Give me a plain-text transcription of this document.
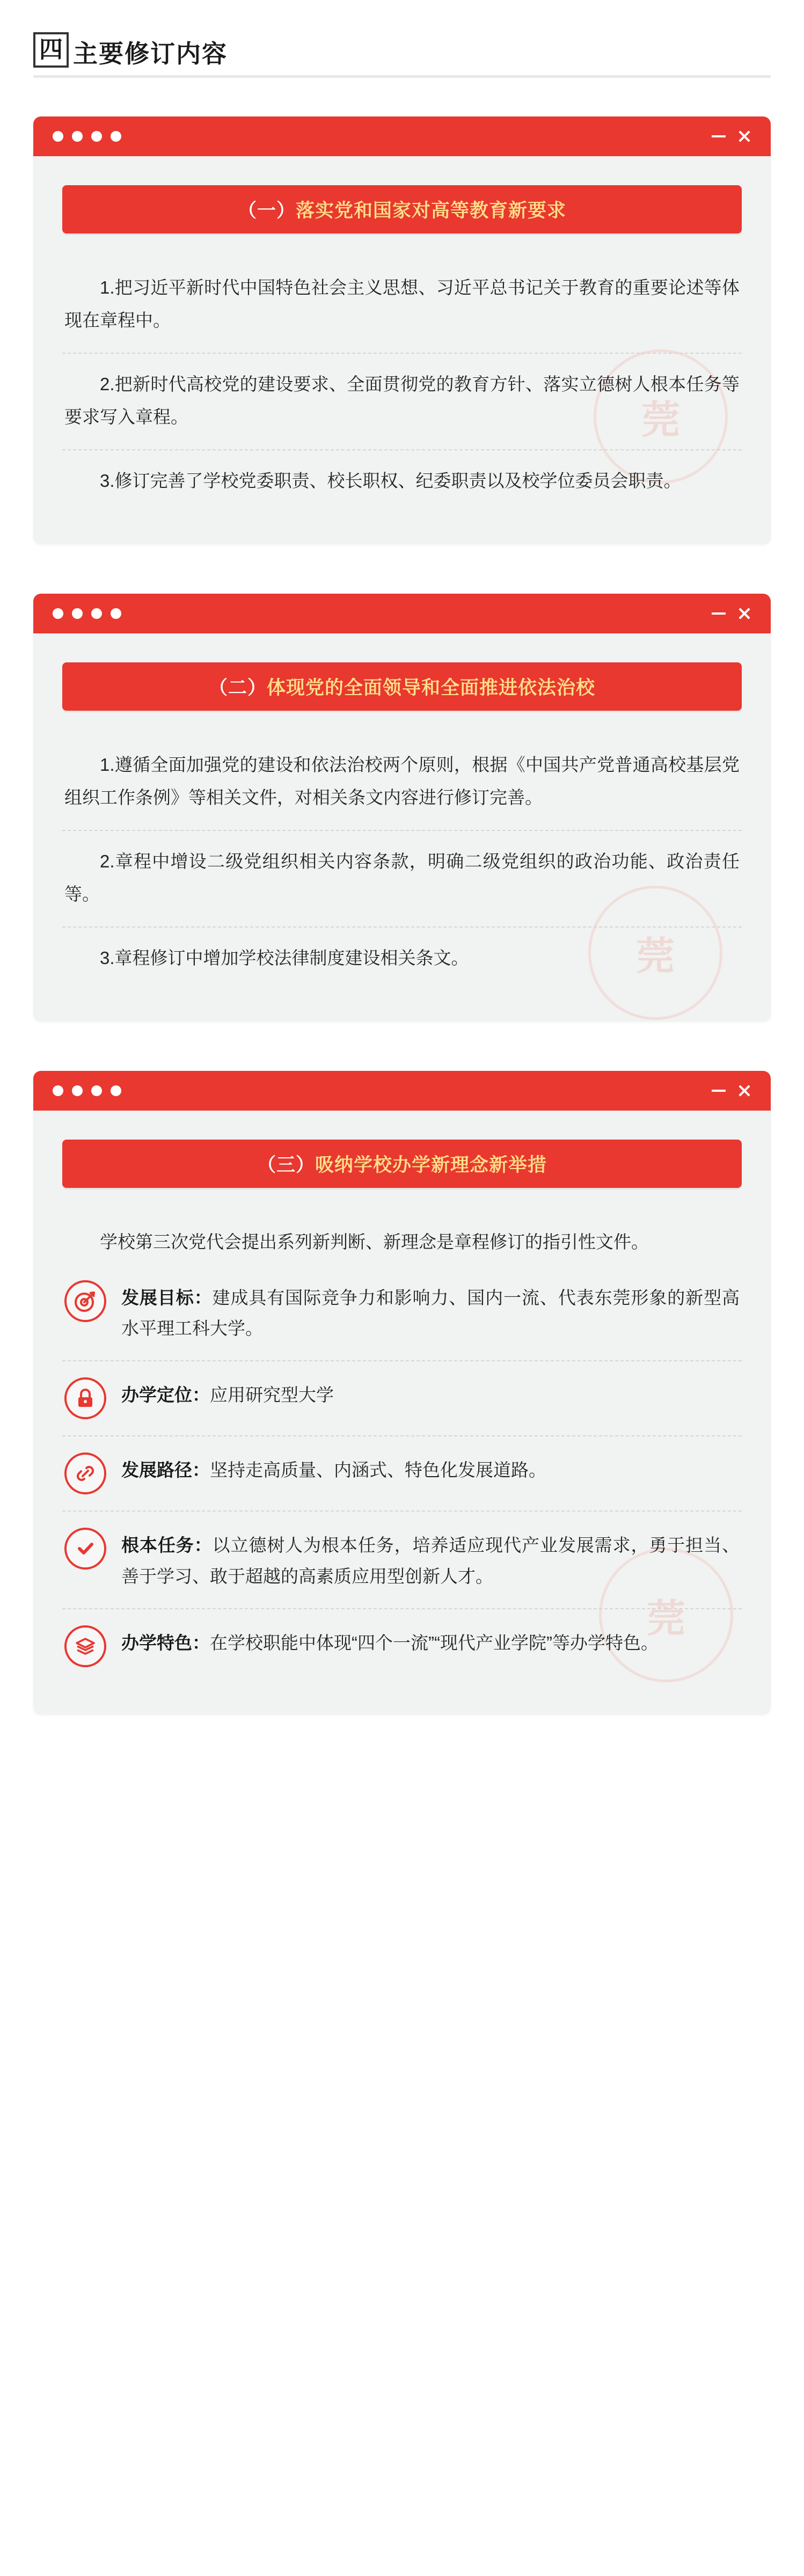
四 主要修订内容
莞
（一）落实党和国家对高等教育新要求

1.把习近平新时代中国特色社会主义思想、习近平总书记关于教育的重要论述等体现在章程中。

2.把新时代高校党的建设要求、全面贯彻党的教育方针、落实立德树人根本任务等要求写入章程。

3.修订完善了学校党委职责、校长职权、纪委职责以及校学位委员会职责。

莞
（二）体现党的全面领导和全面推进依法治校

1.遵循全面加强党的建设和依法治校两个原则，根据《中国共产党普通高校基层党组织工作条例》等相关文件，对相关条文内容进行修订完善。

2.章程中增设二级党组织相关内容条款，明确二级党组织的政治功能、政治责任等。

3.章程修订中增加学校法律制度建设相关条文。

莞
（三）吸纳学校办学新理念新举措

学校第三次党代会提出系列新判断、新理念是章程修订的指引性文件。

发展目标：建成具有国际竞争力和影响力、国内一流、代表东莞形象的新型高水平理工科大学。
办学定位：应用研究型大学
发展路径：坚持走高质量、内涵式、特色化发展道路。
根本任务：以立德树人为根本任务，培养适应现代产业发展需求，勇于担当、善于学习、敢于超越的高素质应用型创新人才。
办学特色：在学校职能中体现“四个一流”“现代产业学院”等办学特色。
